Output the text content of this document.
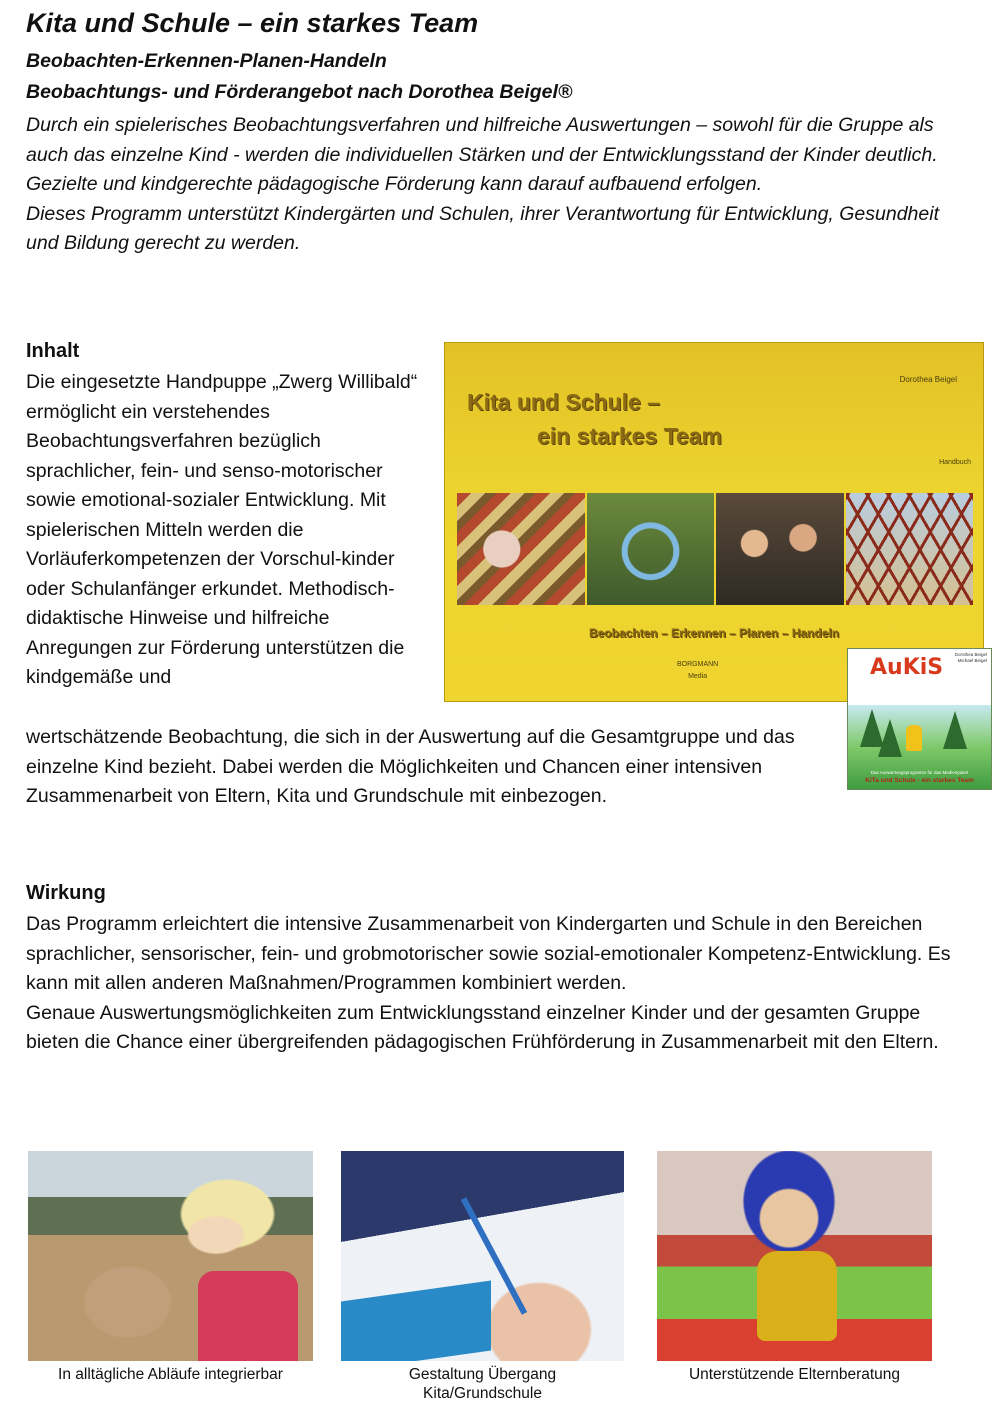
Kita und Schule – ein starkes Team
Beobachten-Erkennen-Planen-Handeln
Beobachtungs- und Förderangebot nach Dorothea Beigel®

Durch ein spielerisches Beobachtungsverfahren und hilfreiche Auswertungen – sowohl für die Gruppe als auch das einzelne Kind - werden die individuellen Stärken und der Entwicklungsstand der Kinder deutlich. Gezielte und kindgerechte pädagogische Förderung kann darauf aufbauend erfolgen.

Dieses Programm unterstützt Kindergärten und Schulen, ihrer Verantwortung für Entwicklung, Gesundheit und Bildung gerecht zu werden.

Inhalt

Die eingesetzte Handpuppe „Zwerg Willibald“ ermöglicht ein verstehendes Beobachtungsverfahren bezüglich sprachlicher, fein- und senso-motorischer sowie emotional-sozialer Entwicklung. Mit spielerischen Mitteln werden die Vorläuferkompetenzen der Vorschul-kinder oder Schulanfänger erkundet. Methodisch-didaktische Hinweise und hilfreiche Anregungen zur Förderung unterstützen die kindgemäße und

wertschätzende Beobachtung, die sich in der Auswertung auf die Gesamtgruppe und das einzelne Kind bezieht. Dabei werden die Möglichkeiten und Chancen einer intensiven Zusammenarbeit von Eltern, Kita und Grundschule mit einbezogen.

Dorothea Beigel
Kita und Schule –
ein starkes Team
Handbuch
Beobachten – Erkennen – Planen – Handeln
BORGMANN
Media	AuKiS
Dorothea Beigel
Michael Beigel
Das Auswertungsprogramm für das Medienpaket
KiTa und Schule - ein starkes Team
Wirkung

Das Programm erleichtert die intensive Zusammenarbeit von Kindergarten und Schule in den Bereichen sprachlicher, sensorischer, fein- und grobmotorischer sowie sozial-emotionaler Kompetenz-Entwicklung. Es kann mit allen anderen Maßnahmen/Programmen kombiniert werden.

Genaue Auswertungsmöglichkeiten zum Entwicklungsstand einzelner Kinder und der gesamten Gruppe bieten die Chance einer übergreifenden pädagogischen Frühförderung in Zusammenarbeit mit den Eltern.

In alltägliche Abläufe integrierbar	Gestaltung Übergang
Kita/Grundschule
Unterstützende Elternberatung
